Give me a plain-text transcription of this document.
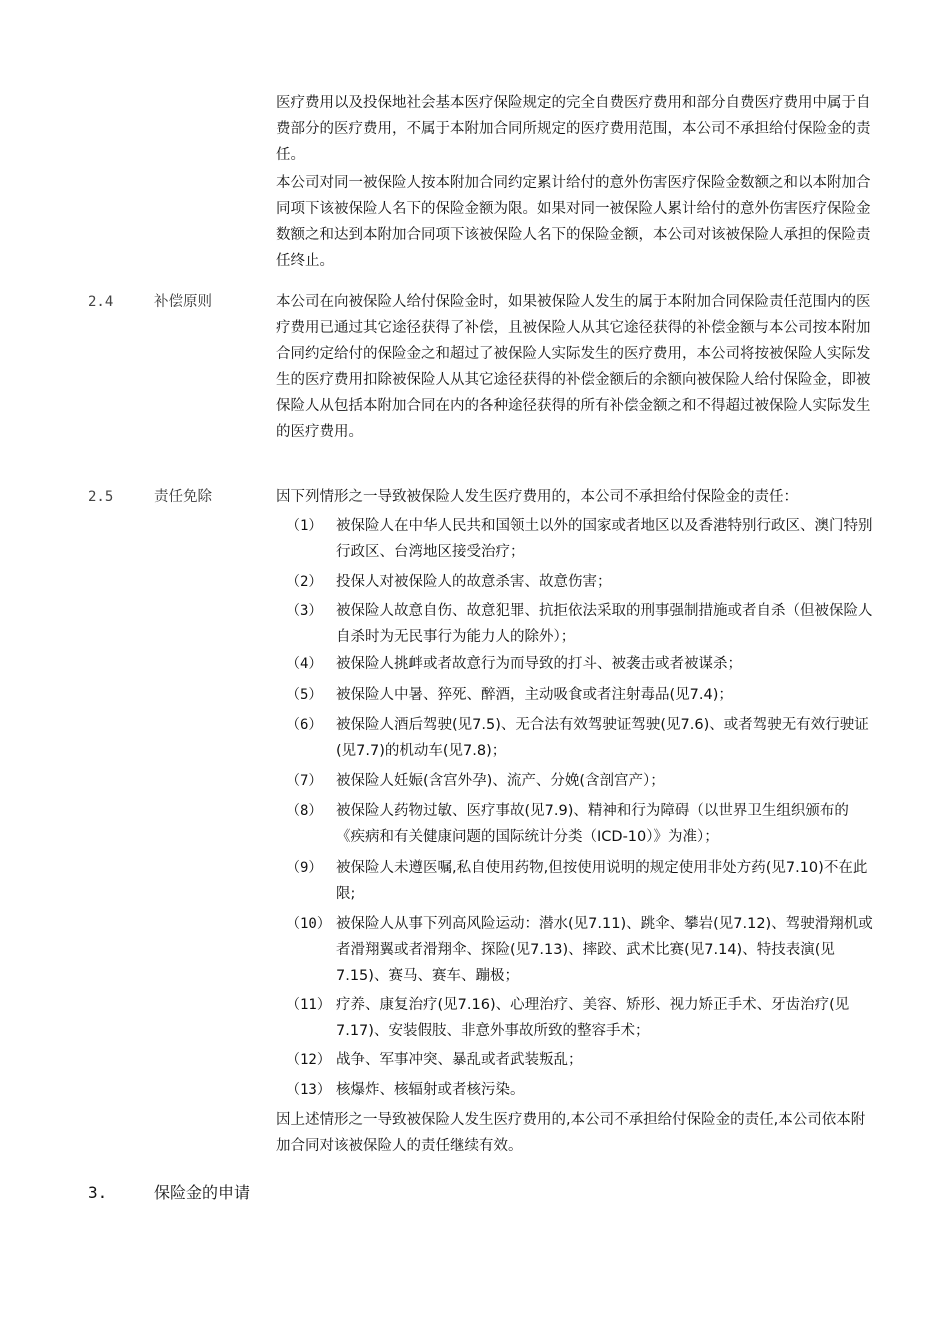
医疗费用以及投保地社会基本医疗保险规定的完全自费医疗费用和部分自费医疗费用中属于自费部分的医疗费用，不属于本附加合同所规定的医疗费用范围，本公司不承担给付保险金的责任。
本公司对同一被保险人按本附加合同约定累计给付的意外伤害医疗保险金数额之和以本附加合同项下该被保险人名下的保险金额为限。如果对同一被保险人累计给付的意外伤害医疗保险金数额之和达到本附加合同项下该被保险人名下的保险金额，本公司对该被保险人承担的保险责任终止。
2.4	补偿原则	本公司在向被保险人给付保险金时，如果被保险人发生的属于本附加合同保险责任范围内的医疗费用已通过其它途径获得了补偿，且被保险人从其它途径获得的补偿金额与本公司按本附加合同约定给付的保险金之和超过了被保险人实际发生的医疗费用，本公司将按被保险人实际发生的医疗费用扣除被保险人从其它途径获得的补偿金额后的余额向被保险人给付保险金，即被保险人从包括本附加合同在内的各种途径获得的所有补偿金额之和不得超过被保险人实际发生的医疗费用。
2.5	责任免除	因下列情形之一导致被保险人发生医疗费用的，本公司不承担给付保险金的责任：
（1） 被保险人在中华人民共和国领土以外的国家或者地区以及香港特别行政区、澳门特别行政区、台湾地区接受治疗；
（2） 投保人对被保险人的故意杀害、故意伤害；
（3） 被保险人故意自伤、故意犯罪、抗拒依法采取的刑事强制措施或者自杀（但被保险人自杀时为无民事行为能力人的除外）；
（4） 被保险人挑衅或者故意行为而导致的打斗、被袭击或者被谋杀；
（5） 被保险人中暑、猝死、醉酒，主动吸食或者注射毒品(见7.4)；
（6） 被保险人酒后驾驶(见7.5)、无合法有效驾驶证驾驶(见7.6)、或者驾驶无有效行驶证(见7.7)的机动车(见7.8)；
（7） 被保险人妊娠(含宫外孕)、流产、分娩(含剖宫产）；
（8） 被保险人药物过敏、医疗事故(见7.9)、精神和行为障碍（以世界卫生组织颁布的《疾病和有关健康问题的国际统计分类（ICD-10）》为准）；
（9） 被保险人未遵医嘱,私自使用药物,但按使用说明的规定使用非处方药(见7.10)不在此限;
（10） 被保险人从事下列高风险运动：潜水(见7.11)、跳伞、攀岩(见7.12)、驾驶滑翔机或者滑翔翼或者滑翔伞、探险(见7.13)、摔跤、武术比赛(见7.14)、特技表演(见7.15)、赛马、赛车、蹦极；
（11） 疗养、康复治疗(见7.16)、心理治疗、美容、矫形、视力矫正手术、牙齿治疗(见7.17)、安装假肢、非意外事故所致的整容手术；
（12） 战争、军事冲突、暴乱或者武装叛乱；
（13） 核爆炸、核辐射或者核污染。
因上述情形之一导致被保险人发生医疗费用的,本公司不承担给付保险金的责任,本公司依本附加合同对该被保险人的责任继续有效。
3.	保险金的申请
